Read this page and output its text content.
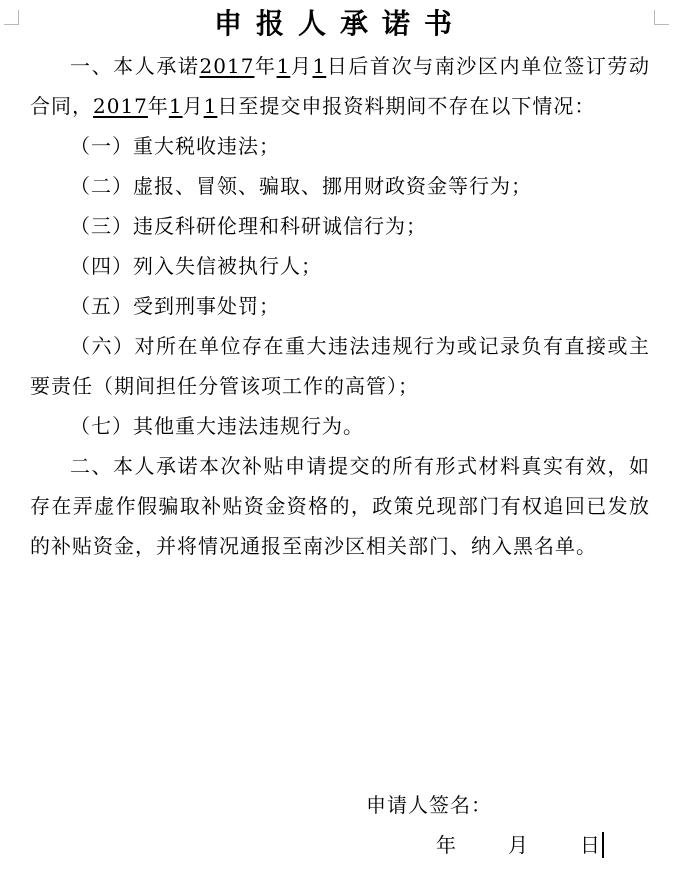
申报人承诺书

一、本人承诺2017年1月1日后首次与南沙区内单位签订劳动合同，2017年1月1日至提交申报资料期间不存在以下情况：

（一）重大税收违法；

（二）虚报、冒领、骗取、挪用财政资金等行为；

（三）违反科研伦理和科研诚信行为；

（四）列入失信被执行人；

（五）受到刑事处罚；

（六）对所在单位存在重大违法违规行为或记录负有直接或主要责任（期间担任分管该项工作的高管）；

（七）其他重大违法违规行为。

二、本人承诺本次补贴申请提交的所有形式材料真实有效，如存在弄虚作假骗取补贴资金资格的，政策兑现部门有权追回已发放的补贴资金，并将情况通报至南沙区相关部门、纳入黑名单。

申请人签名：
年	月	日
